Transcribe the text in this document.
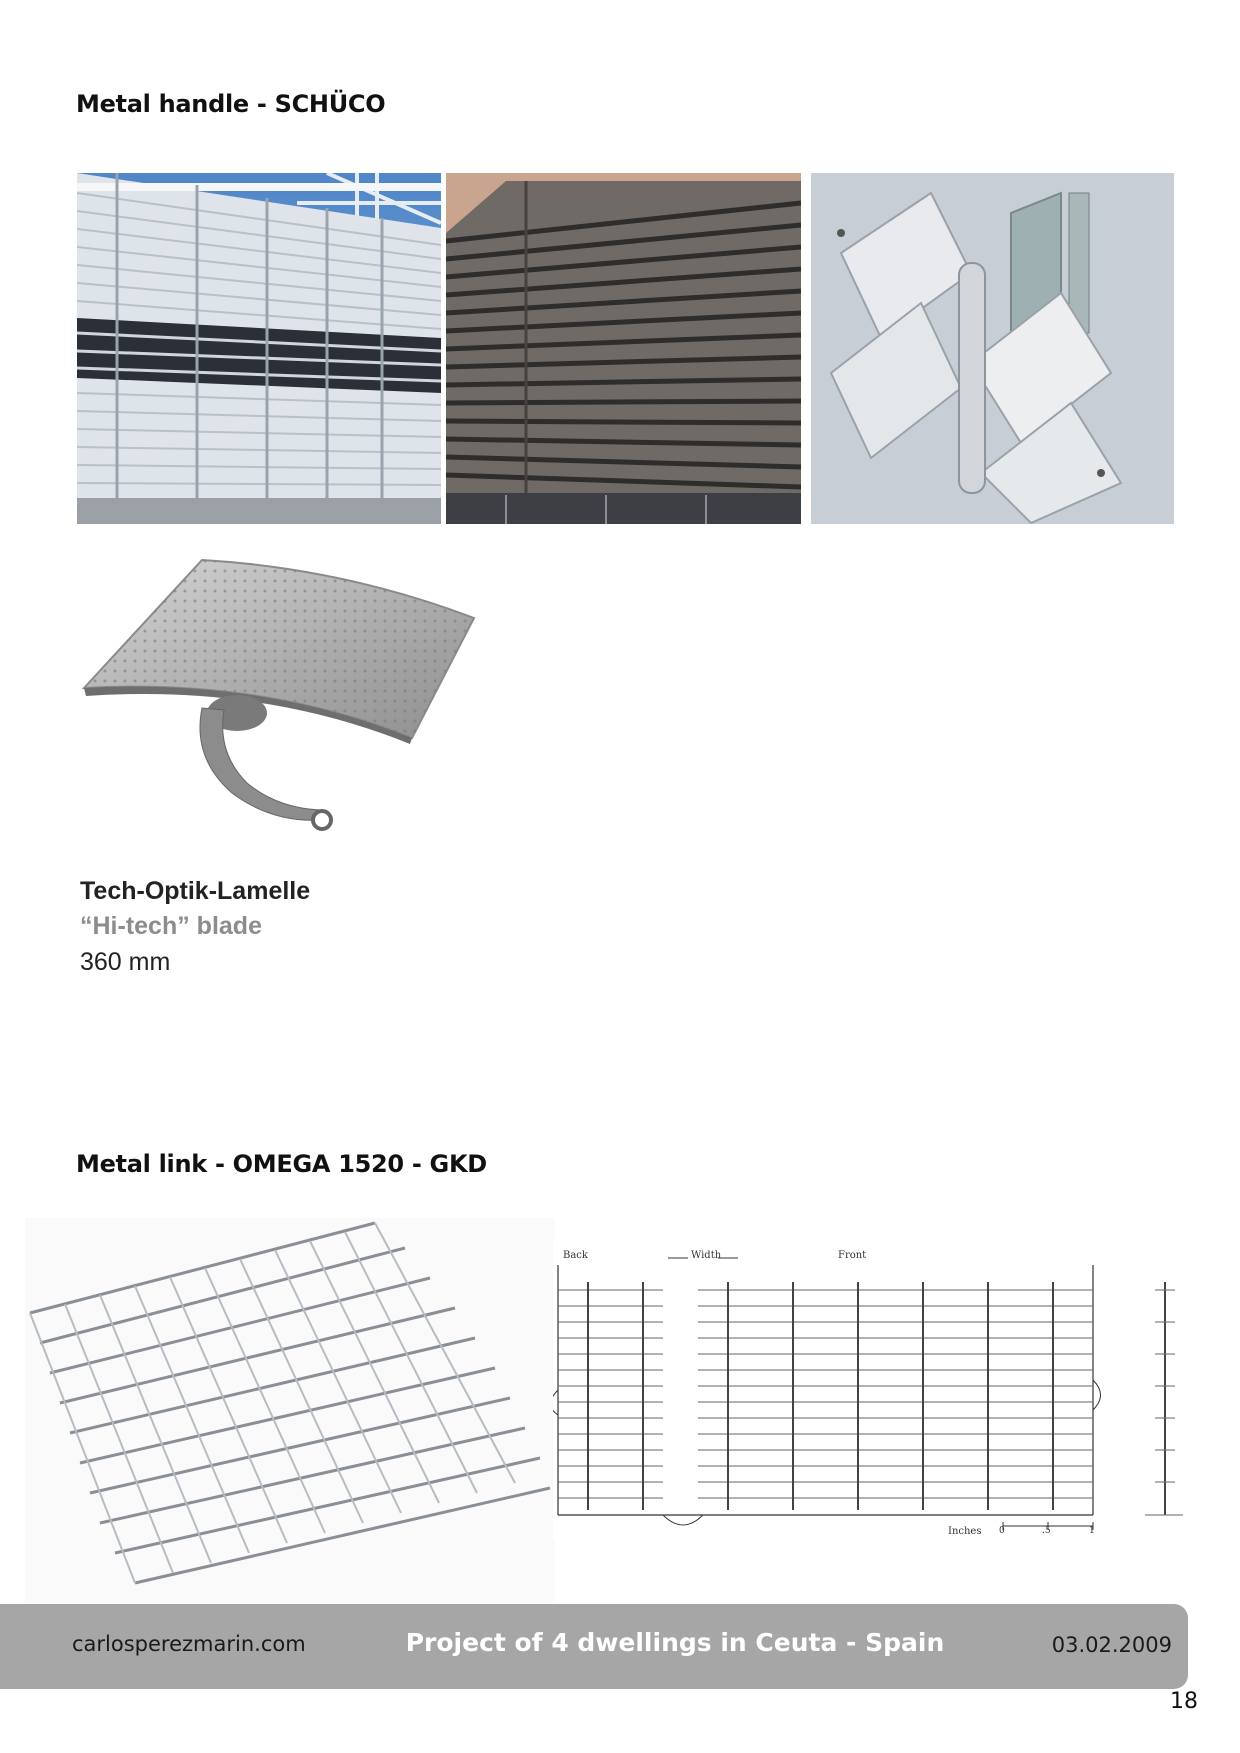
Metal handle - SCHÜCO
Tech-Optik-Lamelle
“Hi-tech” blade
360 mm
Metal link - OMEGA 1520 - GKD
Back	Width	Front
Inches 0	.5	1
carlosperezmarin.com	Project of 4 dwellings in Ceuta - Spain	03.02.2009
18
